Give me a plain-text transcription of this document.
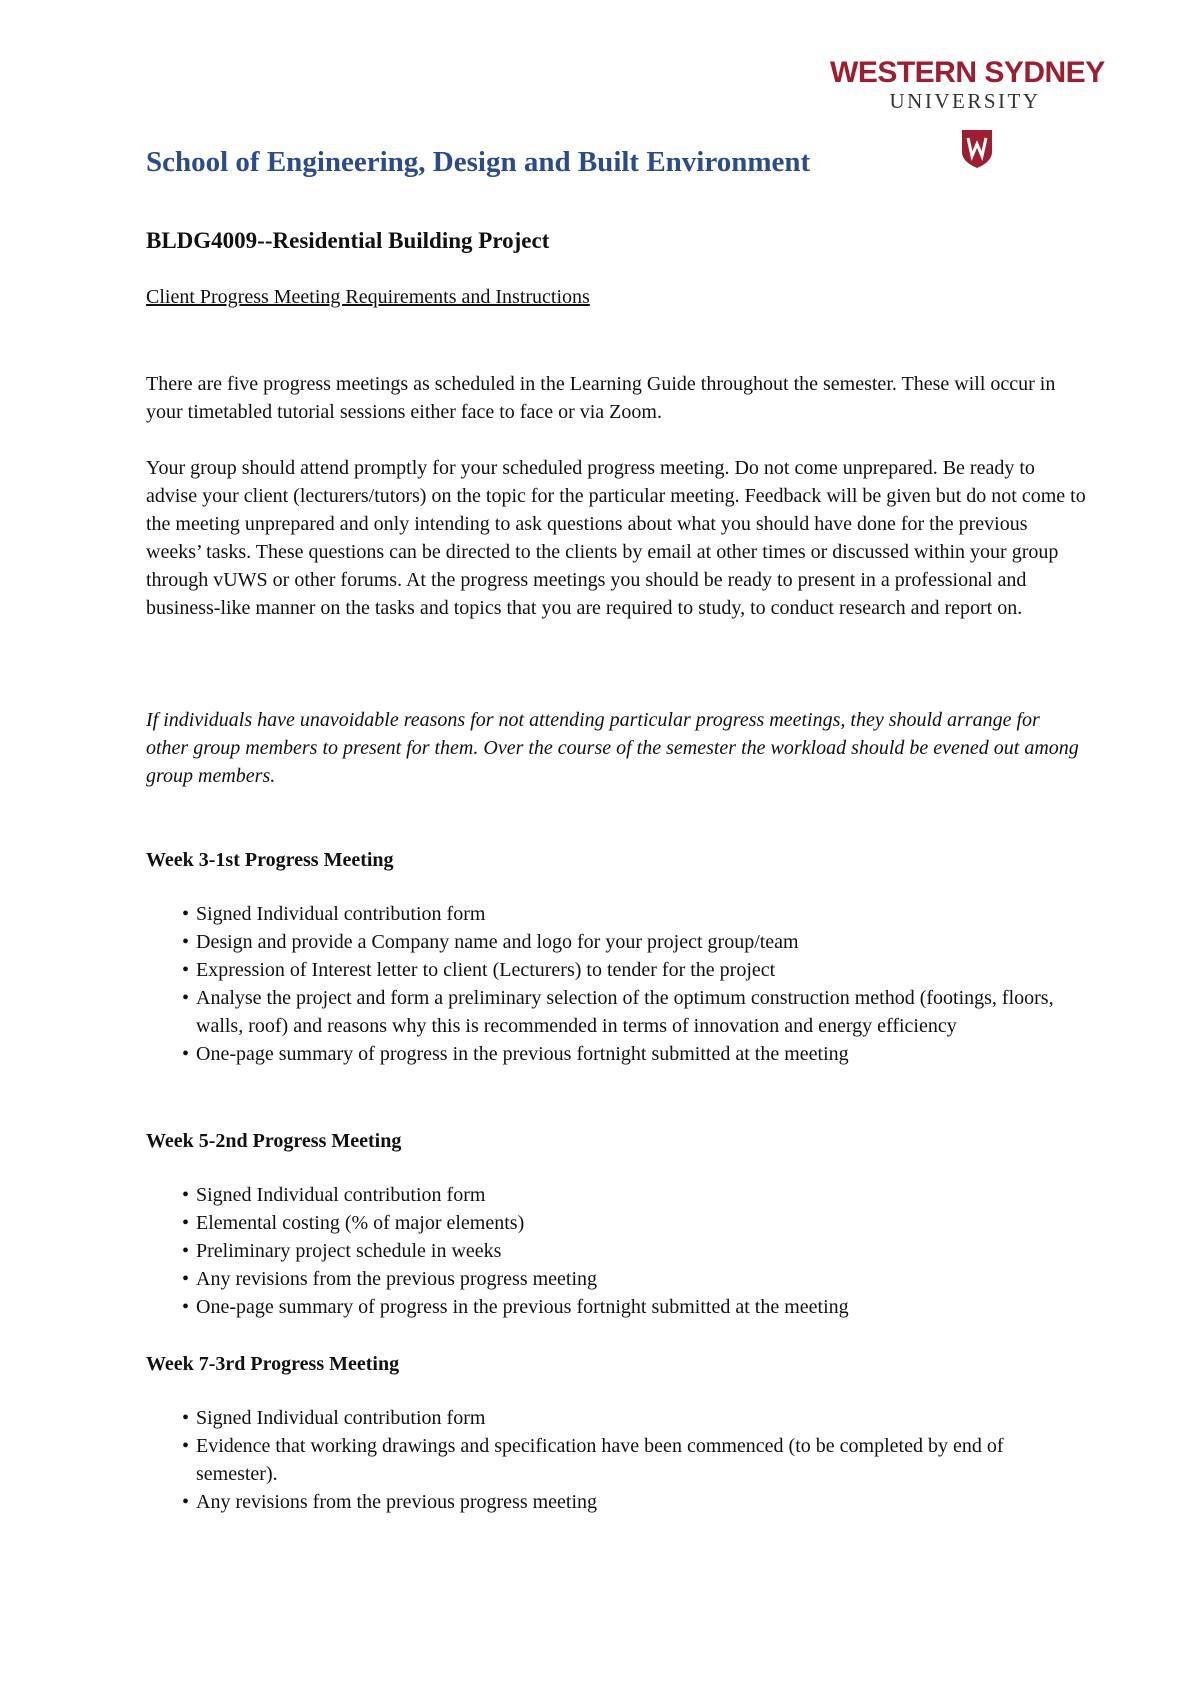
WESTERN SYDNEY
UNIVERSITY
School of Engineering, Design and Built Environment
BLDG4009--Residential Building Project

Client Progress Meeting Requirements and Instructions

There are five progress meetings as scheduled in the Learning Guide throughout the semester. These will occur in your timetabled tutorial sessions either face to face or via Zoom.

Your group should attend promptly for your scheduled progress meeting. Do not come unprepared. Be ready to advise your client (lecturers/tutors) on the topic for the particular meeting. Feedback will be given but do not come to the meeting unprepared and only intending to ask questions about what you should have done for the previous weeks’ tasks. These questions can be directed to the clients by email at other times or discussed within your group through vUWS or other forums. At the progress meetings you should be ready to present in a professional and business-like manner on the tasks and topics that you are required to study, to conduct research and report on.

If individuals have unavoidable reasons for not attending particular progress meetings, they should arrange for other group members to present for them. Over the course of the semester the workload should be evened out among group members.

Week 3-1st Progress Meeting
• Signed Individual contribution form
• Design and provide a Company name and logo for your project group/team
• Expression of Interest letter to client (Lecturers) to tender for the project
• Analyse the project and form a preliminary selection of the optimum construction method (footings, floors, walls, roof) and reasons why this is recommended in terms of innovation and energy efficiency
• One-page summary of progress in the previous fortnight submitted at the meeting
Week 5-2nd Progress Meeting
• Signed Individual contribution form
• Elemental costing (% of major elements)
• Preliminary project schedule in weeks
• Any revisions from the previous progress meeting
• One-page summary of progress in the previous fortnight submitted at the meeting
Week 7-3rd Progress Meeting
• Signed Individual contribution form
• Evidence that working drawings and specification have been commenced (to be completed by end of semester).
• Any revisions from the previous progress meeting
